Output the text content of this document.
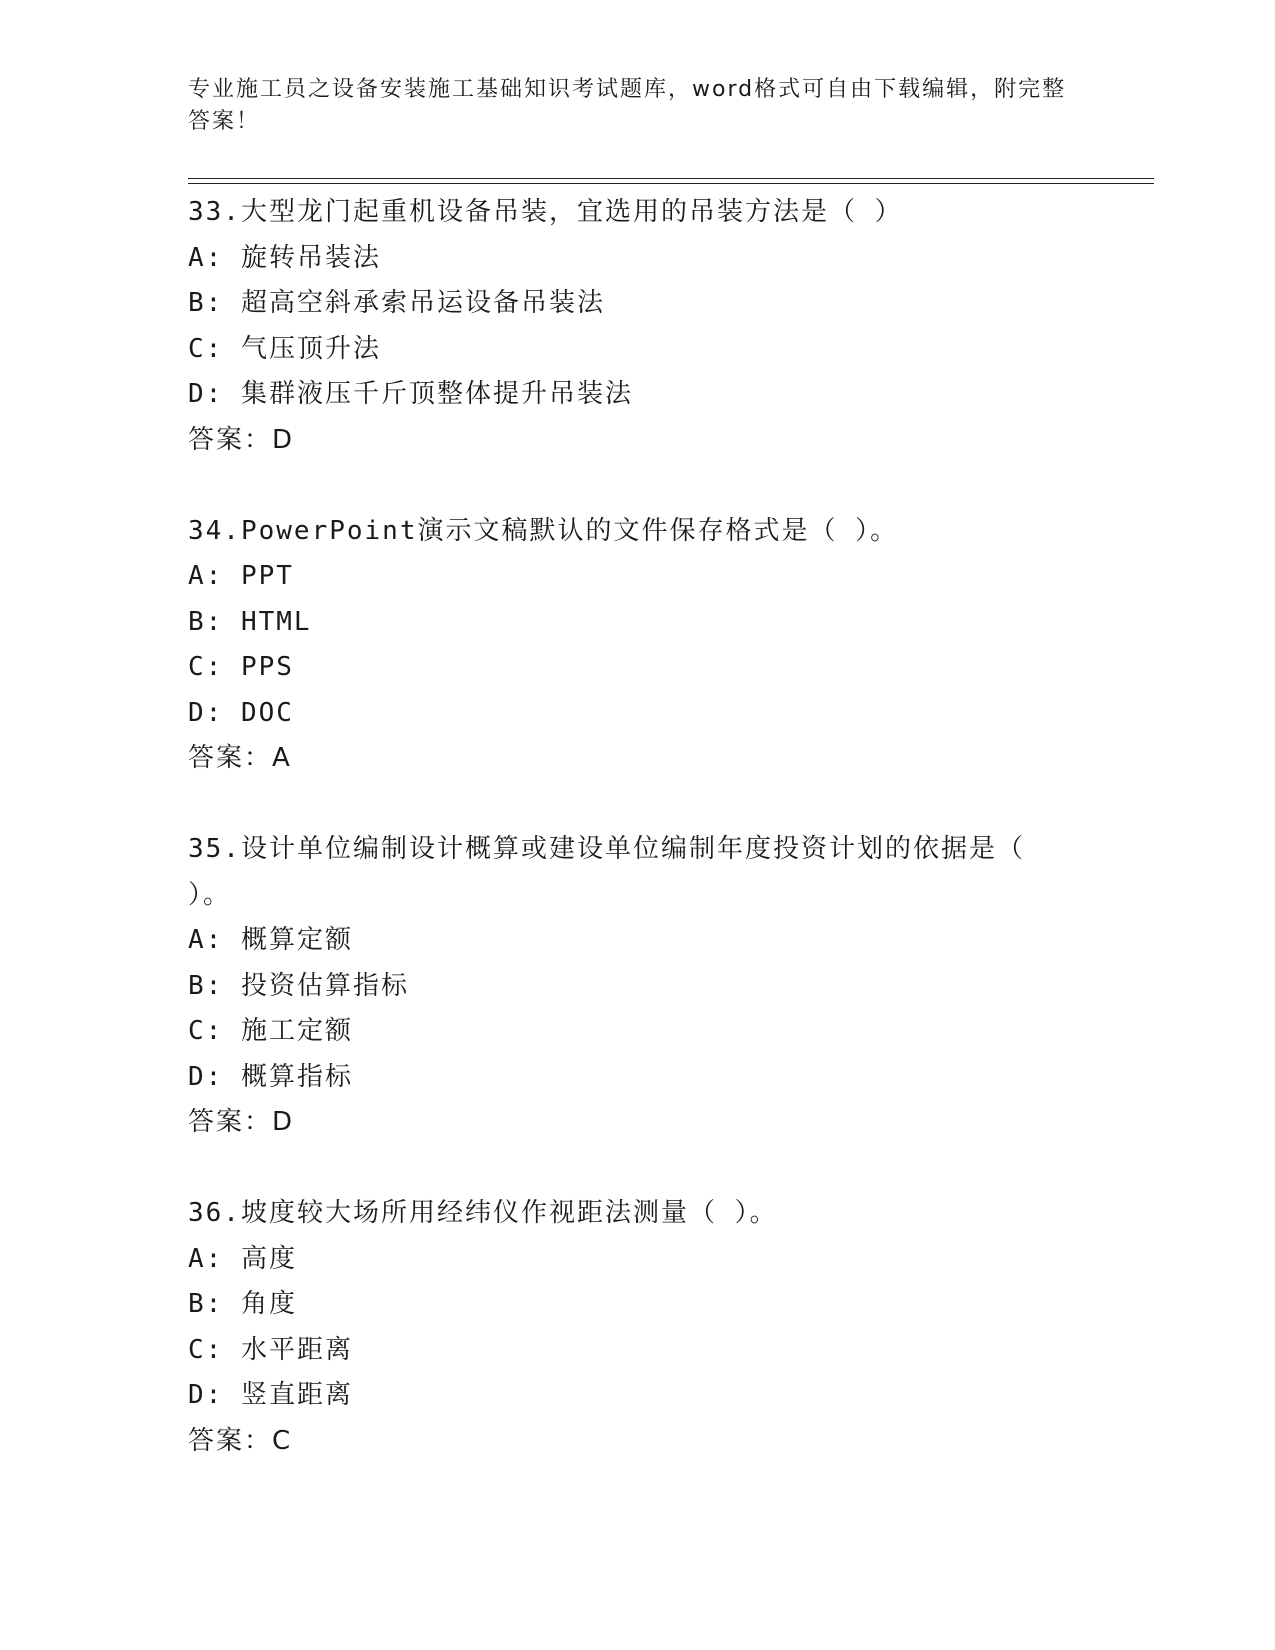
专业施工员之设备安装施工基础知识考试题库，word格式可自由下载编辑，附完整答案！
33.大型龙门起重机设备吊装，宜选用的吊装方法是（ ）
A: 旋转吊装法
B: 超高空斜承索吊运设备吊装法
C: 气压顶升法
D: 集群液压千斤顶整体提升吊装法
答案：D
34.PowerPoint演示文稿默认的文件保存格式是（ ）。
A: PPT
B: HTML
C: PPS
D: DOC
答案：A
35.设计单位编制设计概算或建设单位编制年度投资计划的依据是（ ）。
A: 概算定额
B: 投资估算指标
C: 施工定额
D: 概算指标
答案：D
36.坡度较大场所用经纬仪作视距法测量（ ）。
A: 高度
B: 角度
C: 水平距离
D: 竖直距离
答案：C
